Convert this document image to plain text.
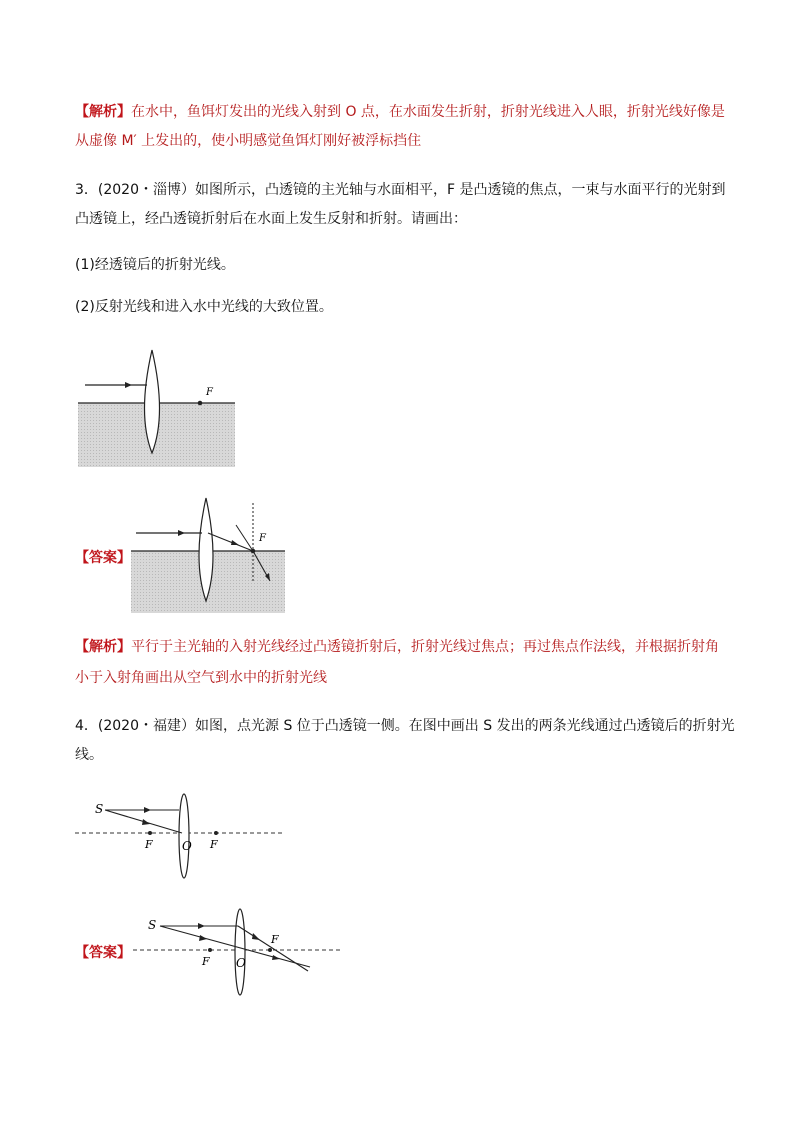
【解析】在水中，鱼饵灯发出的光线入射到 O 点，在水面发生折射，折射光线进入人眼，折射光线好像是
从虚像 M′ 上发出的，使小明感觉鱼饵灯刚好被浮标挡住
3．(2020・淄博）如图所示，凸透镜的主光轴与水面相平，F 是凸透镜的焦点，一束与水面平行的光射到
凸透镜上，经凸透镜折射后在水面上发生反射和折射。请画出：
(1)经透镜后的折射光线。
(2)反射光线和进入水中光线的大致位置。
F
【答案】
F
【解析】平行于主光轴的入射光线经过凸透镜折射后，折射光线过焦点；再过焦点作法线，并根据折射角
小于入射角画出从空气到水中的折射光线
4．(2020・福建）如图，点光源 S 位于凸透镜一侧。在图中画出 S 发出的两条光线通过凸透镜后的折射光
线。
S
F O F
【答案】
S
F O
F
